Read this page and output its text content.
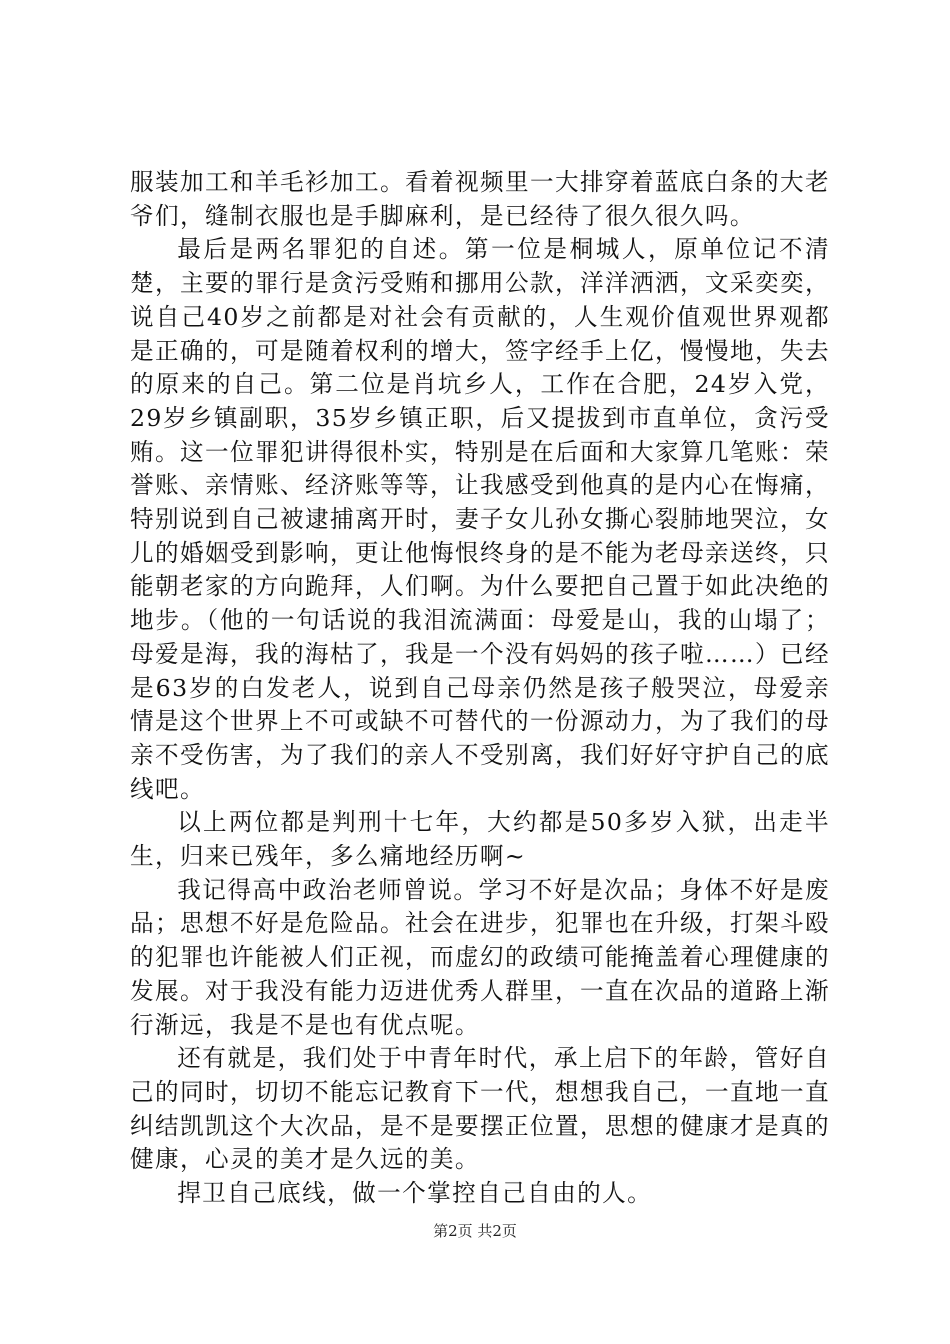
服装加工和羊毛衫加工。看着视频里一大排穿着蓝底白条的大老爷们，缝制衣服也是手脚麻利，是已经待了很久很久吗。

最后是两名罪犯的自述。第一位是桐城人，原单位记不清楚，主要的罪行是贪污受贿和挪用公款，洋洋洒洒，文采奕奕，说自己40岁之前都是对社会有贡献的，人生观价值观世界观都是正确的，可是随着权利的增大，签字经手上亿，慢慢地，失去的原来的自己。第二位是肖坑乡人，工作在合肥，24岁入党，29岁乡镇副职，35岁乡镇正职，后又提拔到市直单位，贪污受贿。这一位罪犯讲得很朴实，特别是在后面和大家算几笔账：荣誉账、亲情账、经济账等等，让我感受到他真的是内心在悔痛，特别说到自己被逮捕离开时，妻子女儿孙女撕心裂肺地哭泣，女儿的婚姻受到影响，更让他悔恨终身的是不能为老母亲送终，只能朝老家的方向跪拜，人们啊。为什么要把自己置于如此决绝的地步。（他的一句话说的我泪流满面：母爱是山，我的山塌了；母爱是海，我的海枯了，我是一个没有妈妈的孩子啦……）已经是63岁的白发老人，说到自己母亲仍然是孩子般哭泣，母爱亲情是这个世界上不可或缺不可替代的一份源动力，为了我们的母亲不受伤害，为了我们的亲人不受别离，我们好好守护自己的底线吧。

以上两位都是判刑十七年，大约都是50多岁入狱，出走半生，归来已残年，多么痛地经历啊~

我记得高中政治老师曾说。学习不好是次品；身体不好是废品；思想不好是危险品。社会在进步，犯罪也在升级，打架斗殴的犯罪也许能被人们正视，而虚幻的政绩可能掩盖着心理健康的发展。对于我没有能力迈进优秀人群里，一直在次品的道路上渐行渐远，我是不是也有优点呢。

还有就是，我们处于中青年时代，承上启下的年龄，管好自己的同时，切切不能忘记教育下一代，想想我自己，一直地一直纠结凯凯这个大次品，是不是要摆正位置，思想的健康才是真的健康，心灵的美才是久远的美。

捍卫自己底线，做一个掌控自己自由的人。

第2页 共2页
